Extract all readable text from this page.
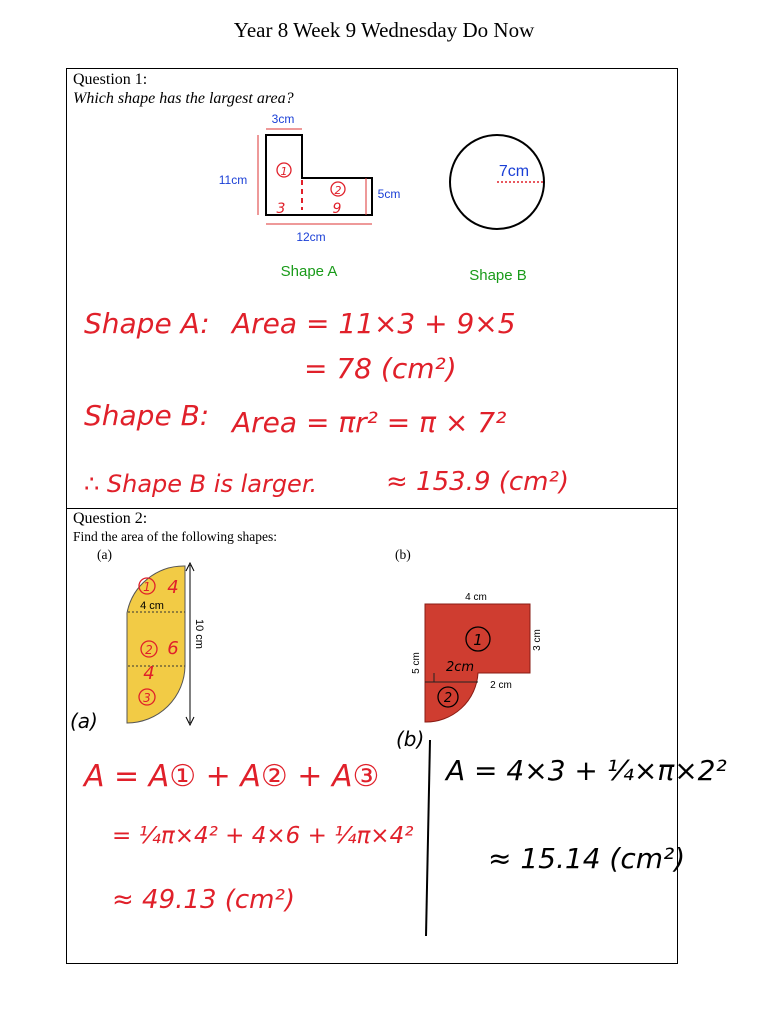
Year 8 Week 9 Wednesday Do Now
Question 1:
Which shape has the largest area?
1
2
3	9
3cm
11cm
5cm
12cm
Shape A
7cm
Shape B
Shape A: Area = 11×3 + 9×5
= 78 (cm²)
Shape B: Area = πr² = π × 7²
∴ Shape B is larger.	≈ 153.9 (cm²)
Question 2:
Find the area of the following shapes:
(a)	(b)
4 cm
10 cm
1
2
3
4
6
4
4 cm
3 cm
5 cm
2 cm
1
2
2cm
(a)
A = A① + A② + A③
= ¼π×4² + 4×6 + ¼π×4²
≈ 49.13 (cm²)
(b)
A = 4×3 + ¼×π×2²
≈ 15.14 (cm²)
